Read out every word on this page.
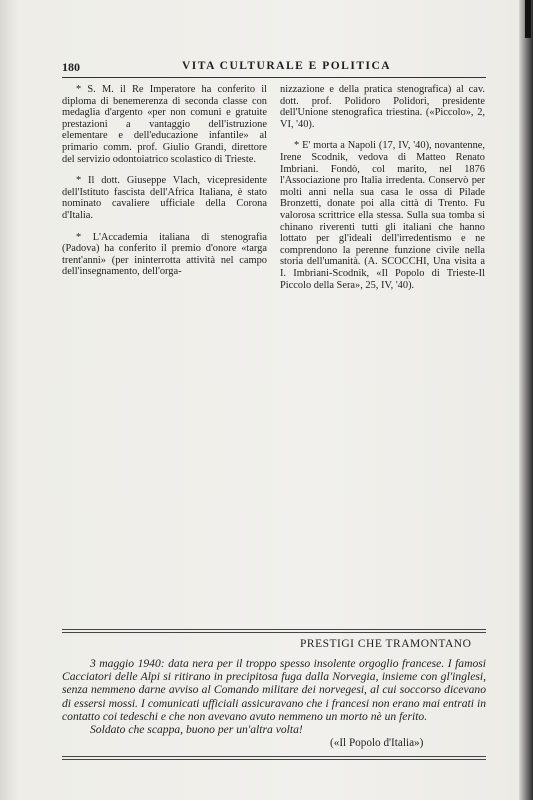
180	VITA CULTURALE E POLITICA

* S. M. il Re Imperatore ha conferito il diploma di benemerenza di seconda classe con medaglia d'argento «per non comuni e gratuite prestazioni a vantaggio dell'istruzione elementare e dell'educazione infantile» al primario comm. prof. Giulio Grandi, direttore del servizio odontoiatrico scolastico di Trieste.

* Il dott. Giuseppe Vlach, vicepresidente dell'Istituto fascista dell'Africa Italiana, è stato nominato cavaliere ufficiale della Corona d'Italia.

* L'Accademia italiana di stenografia (Padova) ha conferito il premio d'onore «targa trent'anni» (per ininterrotta attività nel campo dell'insegnamento, dell'orga-

nizzazione e della pratica stenografica) al cav. dott. prof. Polidoro Polidori, presidente dell'Unione stenografica triestina. («Piccolo», 2, VI, '40).

* E' morta a Napoli (17, IV, '40), novantenne, Irene Scodnik, vedova di Matteo Renato Imbriani. Fondò, col marito, nel 1876 l'Associazione pro Italia irredenta. Conservò per molti anni nella sua casa le ossa di Pilade Bronzetti, donate poi alla città di Trento. Fu valorosa scrittrice ella stessa. Sulla sua tomba si chinano riverenti tutti gli italiani che hanno lottato per gl'ideali dell'irredentismo e ne comprendono la perenne funzione civile nella storia dell'umanità. (A. SCOCCHI, Una visita a I. Imbriani-Scodnik, «Il Popolo di Trieste-Il Piccolo della Sera», 25, IV, '40).

PRESTIGI CHE TRAMONTANO

3 maggio 1940: data nera per il troppo spesso insolente orgoglio francese. I famosi Cacciatori delle Alpi si ritirano in precipitosa fuga dalla Norvegia, insieme con gl'inglesi, senza nemmeno darne avviso al Comando militare dei norvegesi, al cui soccorso dicevano di essersi mossi. I comunicati ufficiali assicuravano che i francesi non erano mai entrati in contatto coi tedeschi e che non avevano avuto nemmeno un morto nè un ferito.

Soldato che scappa, buono per un'altra volta!

(«Il Popolo d'Italia»)
